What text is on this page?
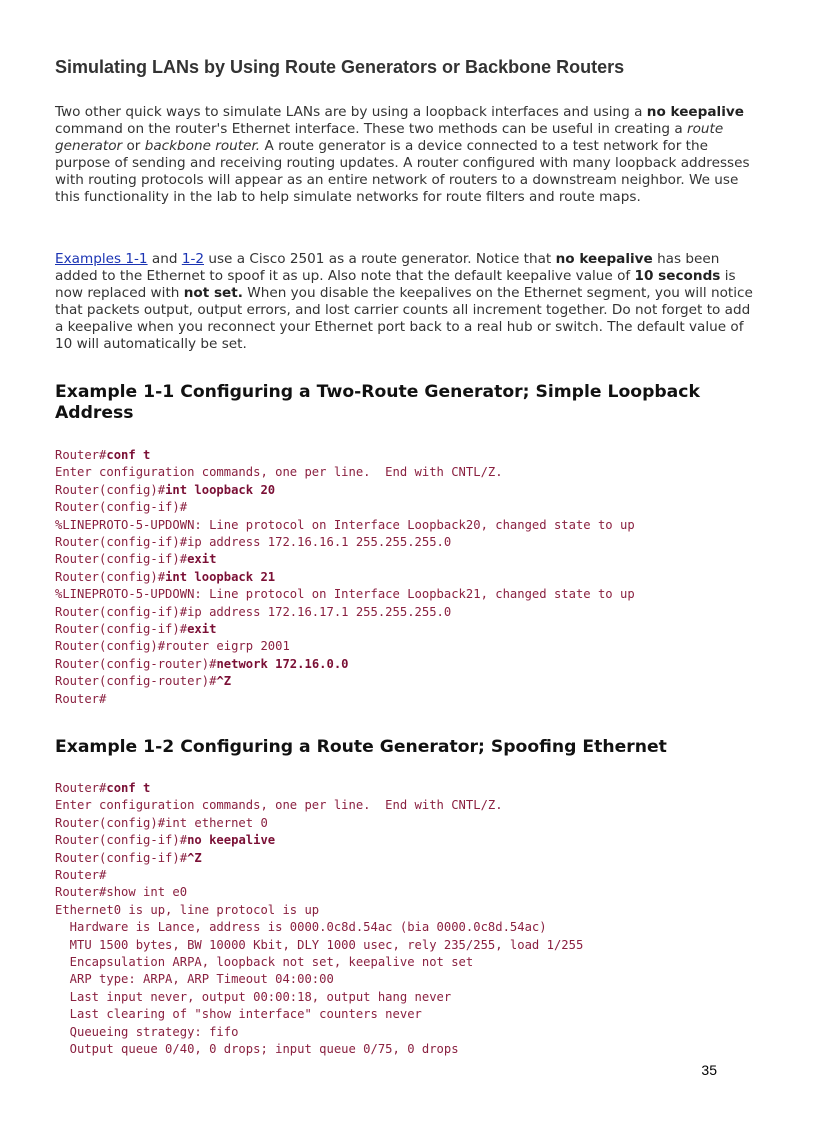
Simulating LANs by Using Route Generators or Backbone Routers

Two other quick ways to simulate LANs are by using a loopback interfaces and using a no keepalive command on the router's Ethernet interface. These two methods can be useful in creating a route generator or backbone router. A route generator is a device connected to a test network for the purpose of sending and receiving routing updates. A router configured with many loopback addresses with routing protocols will appear as an entire network of routers to a downstream neighbor. We use this functionality in the lab to help simulate networks for route filters and route maps.

Examples 1-1 and 1-2 use a Cisco 2501 as a route generator. Notice that no keepalive has been added to the Ethernet to spoof it as up. Also note that the default keepalive value of 10 seconds is now replaced with not set. When you disable the keepalives on the Ethernet segment, you will notice that packets output, output errors, and lost carrier counts all increment together. Do not forget to add a keepalive when you reconnect your Ethernet port back to a real hub or switch. The default value of 10 will automatically be set.

Example 1-1 Configuring a Two-Route Generator; Simple Loopback Address
Router#conf t
Enter configuration commands, one per line.  End with CNTL/Z.
Router(config)#int loopback 20
Router(config-if)#
%LINEPROTO-5-UPDOWN: Line protocol on Interface Loopback20, changed state to up
Router(config-if)#ip address 172.16.16.1 255.255.255.0
Router(config-if)#exit
Router(config)#int loopback 21
%LINEPROTO-5-UPDOWN: Line protocol on Interface Loopback21, changed state to up
Router(config-if)#ip address 172.16.17.1 255.255.255.0
Router(config-if)#exit
Router(config)#router eigrp 2001
Router(config-router)#network 172.16.0.0
Router(config-router)#^Z
Router#
Example 1-2 Configuring a Route Generator; Spoofing Ethernet
Router#conf t
Enter configuration commands, one per line.  End with CNTL/Z.
Router(config)#int ethernet 0
Router(config-if)#no keepalive
Router(config-if)#^Z
Router#
Router#show int e0
Ethernet0 is up, line protocol is up
Hardware is Lance, address is 0000.0c8d.54ac (bia 0000.0c8d.54ac)
MTU 1500 bytes, BW 10000 Kbit, DLY 1000 usec, rely 235/255, load 1/255
Encapsulation ARPA, loopback not set, keepalive not set
ARP type: ARPA, ARP Timeout 04:00:00
Last input never, output 00:00:18, output hang never
Last clearing of "show interface" counters never
Queueing strategy: fifo
Output queue 0/40, 0 drops; input queue 0/75, 0 drops
35
